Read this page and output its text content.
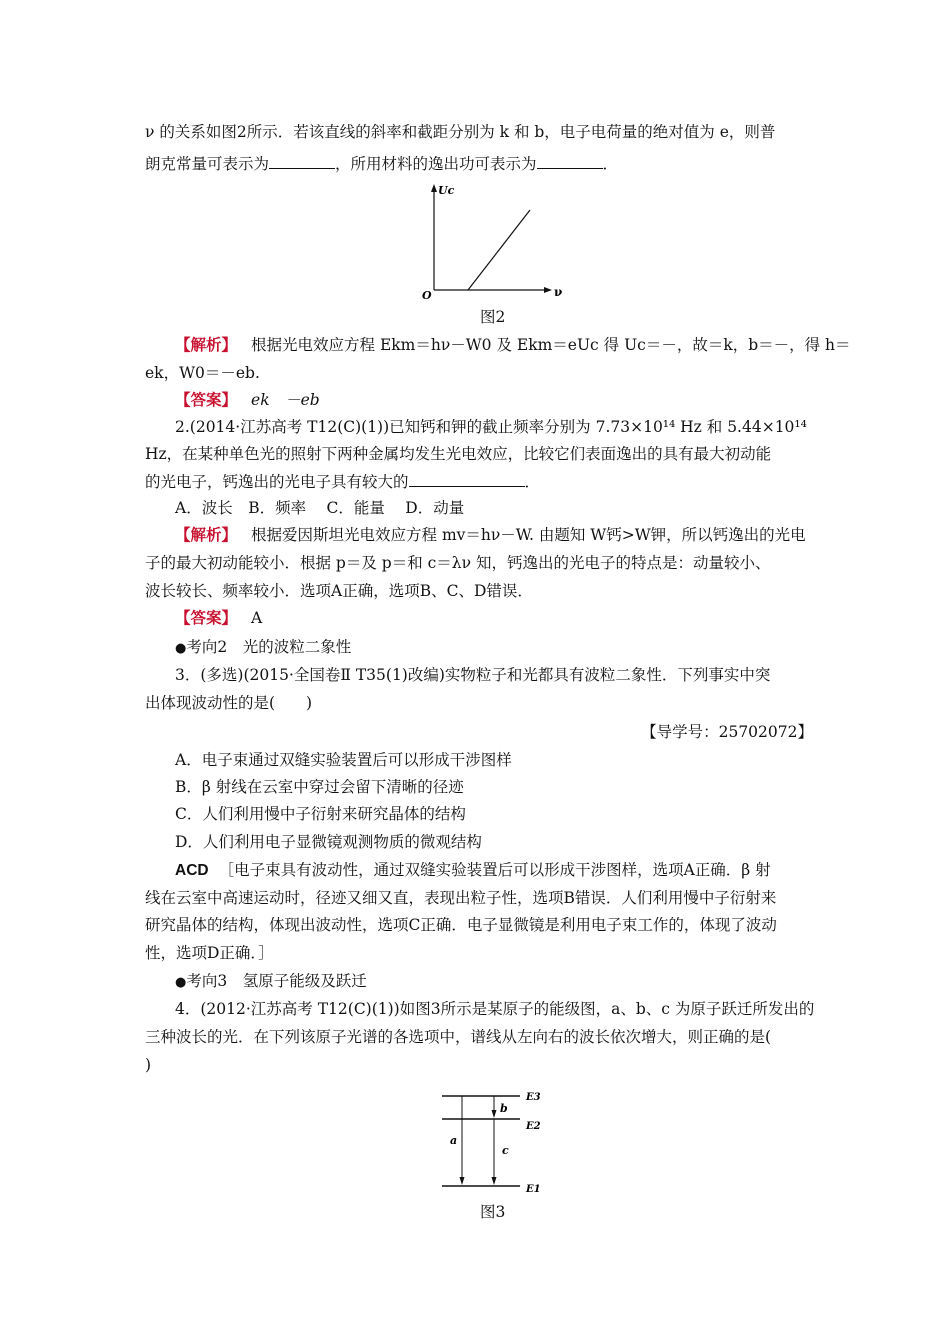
ν 的关系如图2所示．若该直线的斜率和截距分别为 k 和 b，电子电荷量的绝对值为 e，则普
朗克常量可表示为	，所用材料的逸出功可表示为	．
Uc
ν
O
图2
【解析】 根据光电效应方程 Ekm＝hν－W0 及 Ekm＝eUc 得 Uc＝－，故＝k，b＝－，得 h＝
ek，W0＝－eb.
【答案】 ek　－eb
2.(2014·江苏高考 T12(C)(1))已知钙和钾的截止频率分别为 7.73×10¹⁴ Hz 和 5.44×10¹⁴
Hz，在某种单色光的照射下两种金属均发生光电效应，比较它们表面逸出的具有最大初动能
的光电子，钙逸出的光电子具有较大的	．
A．波长　B．频率　 C．能量　 D．动量
【解析】 根据爱因斯坦光电效应方程 mv＝hν－W. 由题知 W钙>W钾，所以钙逸出的光电
子的最大初动能较小．根据 p＝及 p＝和 c＝λν 知，钙逸出的光电子的特点是：动量较小、
波长较长、频率较小．选项A正确，选项B、C、D错误．
【答案】 A
●考向2　光的波粒二象性
3．(多选)(2015·全国卷Ⅱ T35(1)改编)实物粒子和光都具有波粒二象性．下列事实中突
出体现波动性的是(　　)
【导学号：25702072】
A．电子束通过双缝实验装置后可以形成干涉图样
B．β 射线在云室中穿过会留下清晰的径迹
C．人们利用慢中子衍射来研究晶体的结构
D．人们利用电子显微镜观测物质的微观结构
ACD ［电子束具有波动性，通过双缝实验装置后可以形成干涉图样，选项A正确．β 射
线在云室中高速运动时，径迹又细又直，表现出粒子性，选项B错误．人们利用慢中子衍射来
研究晶体的结构，体现出波动性，选项C正确．电子显微镜是利用电子束工作的，体现了波动
性，选项D正确．］
●考向3　氢原子能级及跃迁
4．(2012·江苏高考 T12(C)(1))如图3所示是某原子的能级图，a、b、c 为原子跃迁所发出的
三种波长的光．在下列该原子光谱的各选项中，谱线从左向右的波长依次增大，则正确的是(
)
a
b
c
E3
E2
E1
图3
